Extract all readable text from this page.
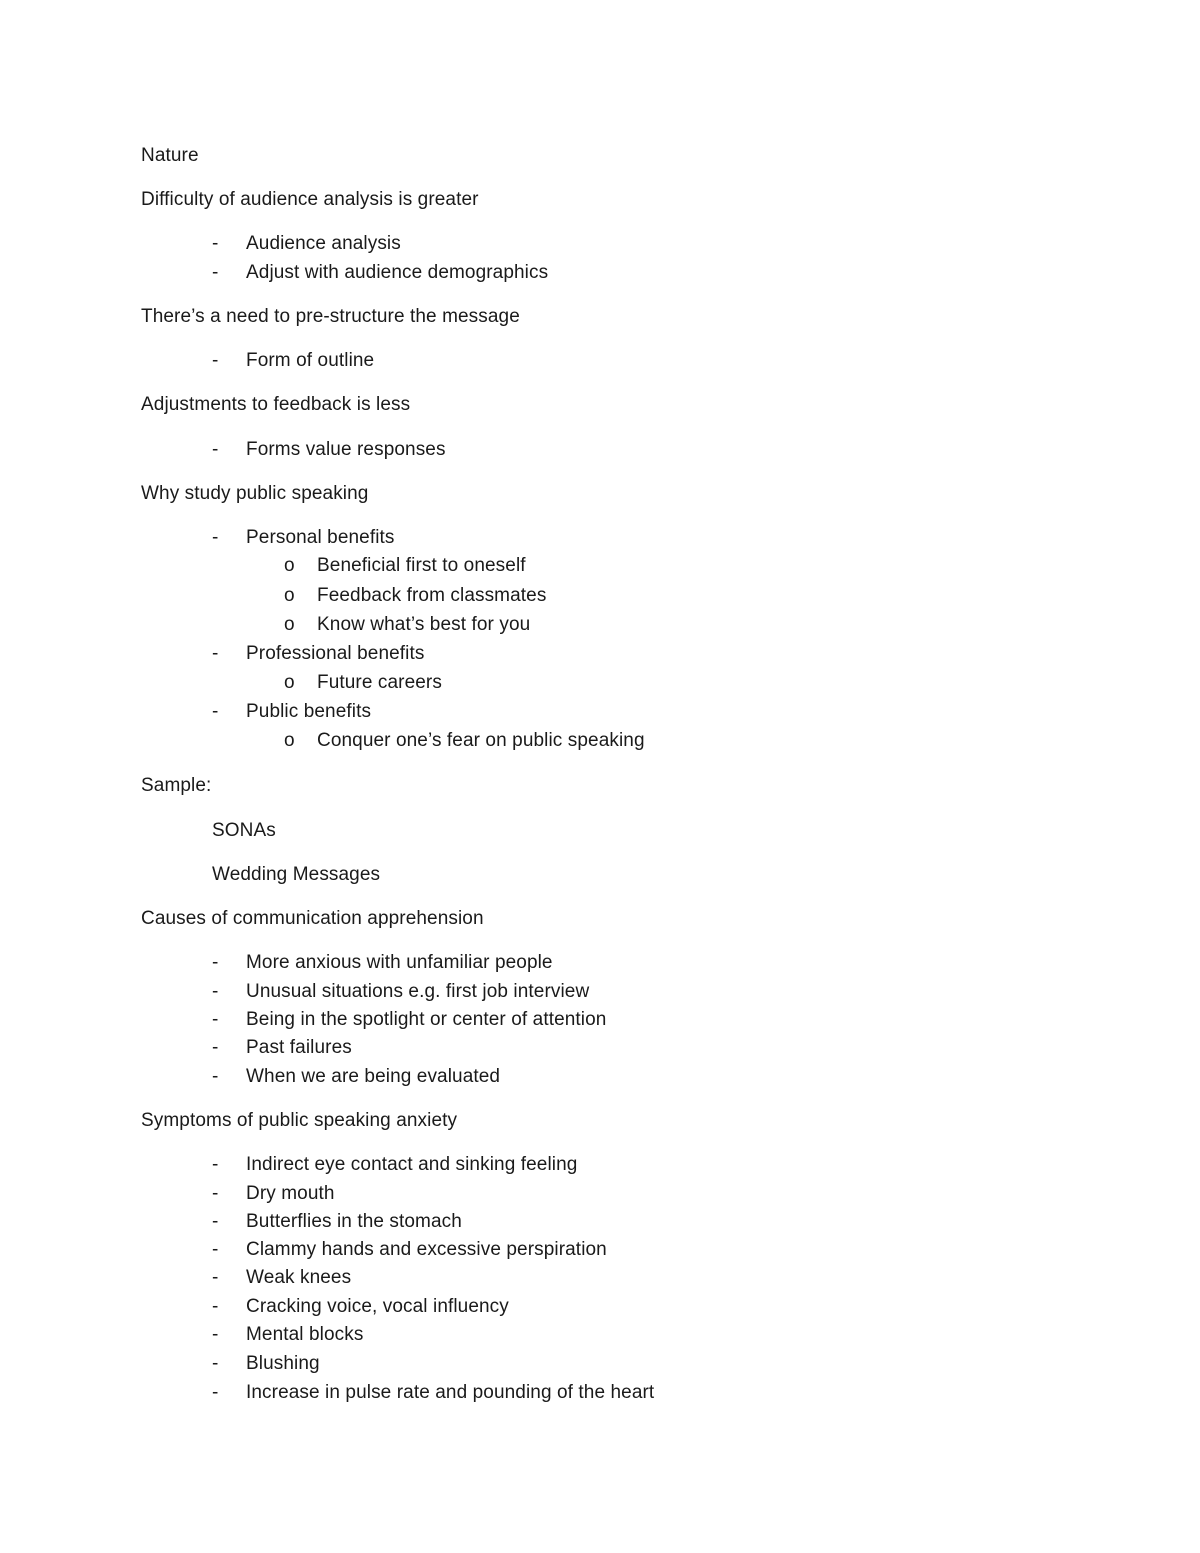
Nature
Difficulty of audience analysis is greater
- Audience analysis
- Adjust with audience demographics
There’s a need to pre-structure the message
- Form of outline
Adjustments to feedback is less
- Forms value responses
Why study public speaking
- Personal benefits
o Beneficial first to oneself
o Feedback from classmates
o Know what’s best for you
- Professional benefits
o Future careers
- Public benefits
o Conquer one’s fear on public speaking
Sample:
SONAs
Wedding Messages
Causes of communication apprehension
- More anxious with unfamiliar people
- Unusual situations e.g. first job interview
- Being in the spotlight or center of attention
- Past failures
- When we are being evaluated
Symptoms of public speaking anxiety
- Indirect eye contact and sinking feeling
- Dry mouth
- Butterflies in the stomach
- Clammy hands and excessive perspiration
- Weak knees
- Cracking voice, vocal influency
- Mental blocks
- Blushing
- Increase in pulse rate and pounding of the heart
